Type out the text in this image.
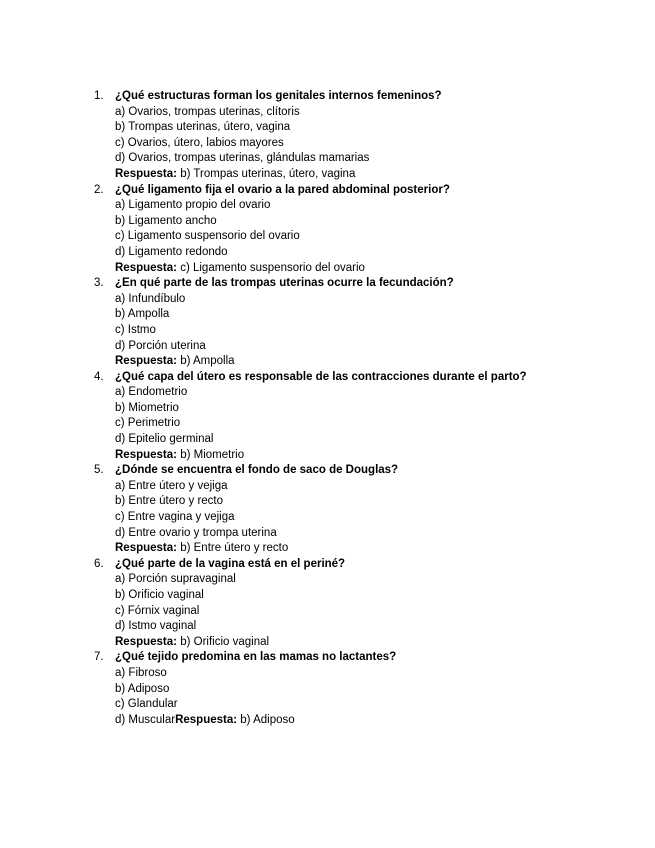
1. ¿Qué estructuras forman los genitales internos femeninos?
a) Ovarios, trompas uterinas, clítoris
b) Trompas uterinas, útero, vagina
c) Ovarios, útero, labios mayores
d) Ovarios, trompas uterinas, glándulas mamarias
Respuesta: b) Trompas uterinas, útero, vagina
2. ¿Qué ligamento fija el ovario a la pared abdominal posterior?
a) Ligamento propio del ovario
b) Ligamento ancho
c) Ligamento suspensorio del ovario
d) Ligamento redondo
Respuesta: c) Ligamento suspensorio del ovario
3. ¿En qué parte de las trompas uterinas ocurre la fecundación?
a) Infundíbulo
b) Ampolla
c) Istmo
d) Porción uterina
Respuesta: b) Ampolla
4. ¿Qué capa del útero es responsable de las contracciones durante el parto?
a) Endometrio
b) Miometrio
c) Perimetrio
d) Epitelio germinal
Respuesta: b) Miometrio
5. ¿Dónde se encuentra el fondo de saco de Douglas?
a) Entre útero y vejiga
b) Entre útero y recto
c) Entre vagina y vejiga
d) Entre ovario y trompa uterina
Respuesta: b) Entre útero y recto
6. ¿Qué parte de la vagina está en el periné?
a) Porción supravaginal
b) Orificio vaginal
c) Fórnix vaginal
d) Istmo vaginal
Respuesta: b) Orificio vaginal
7. ¿Qué tejido predomina en las mamas no lactantes?
a) Fibroso
b) Adiposo
c) Glandular
d) MuscularRespuesta: b) Adiposo
